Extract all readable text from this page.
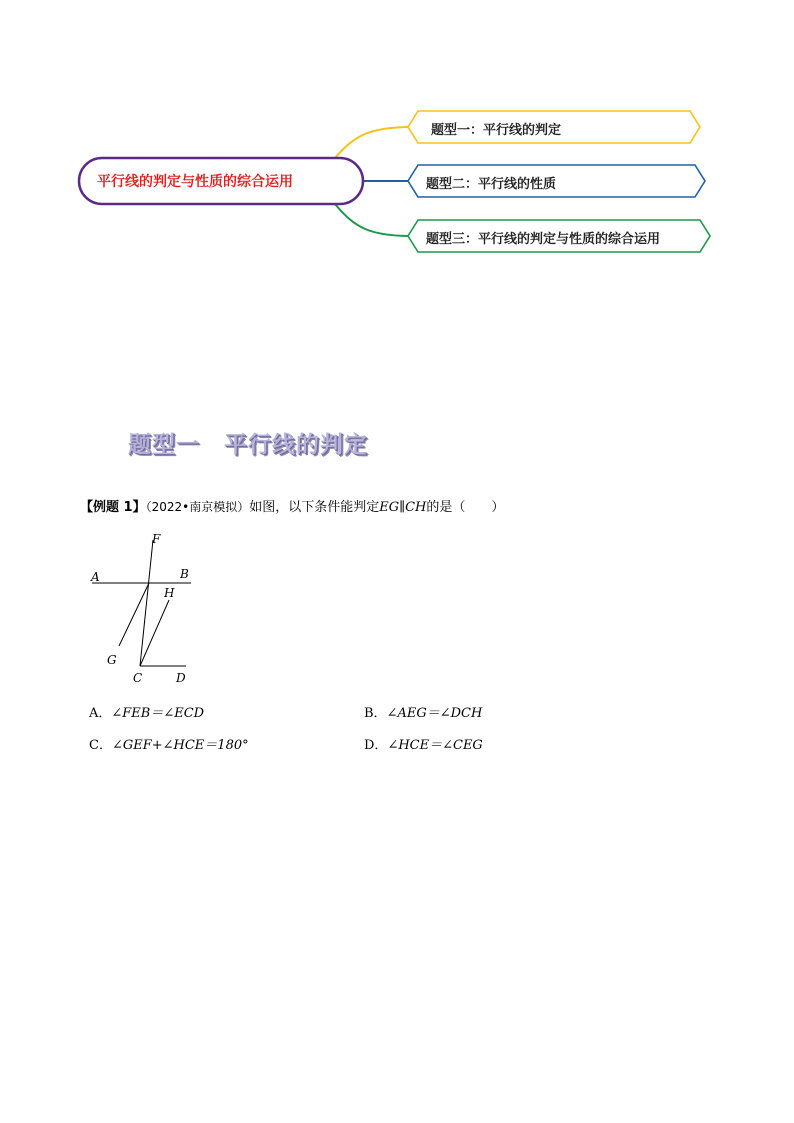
平行线的判定与性质的综合运用
题型一：平行线的判定
题型二：平行线的性质
题型三：平行线的判定与性质的综合运用
题型一　平行线的判定
【例题 1】（2022•南京模拟）如图，以下条件能判定EG∥CH的是（　　）
F
A	B
H
G
C	D
A．∠FEB＝∠ECD	B．∠AEG＝∠DCH
C．∠GEF+∠HCE＝180°	D．∠HCE＝∠CEG
